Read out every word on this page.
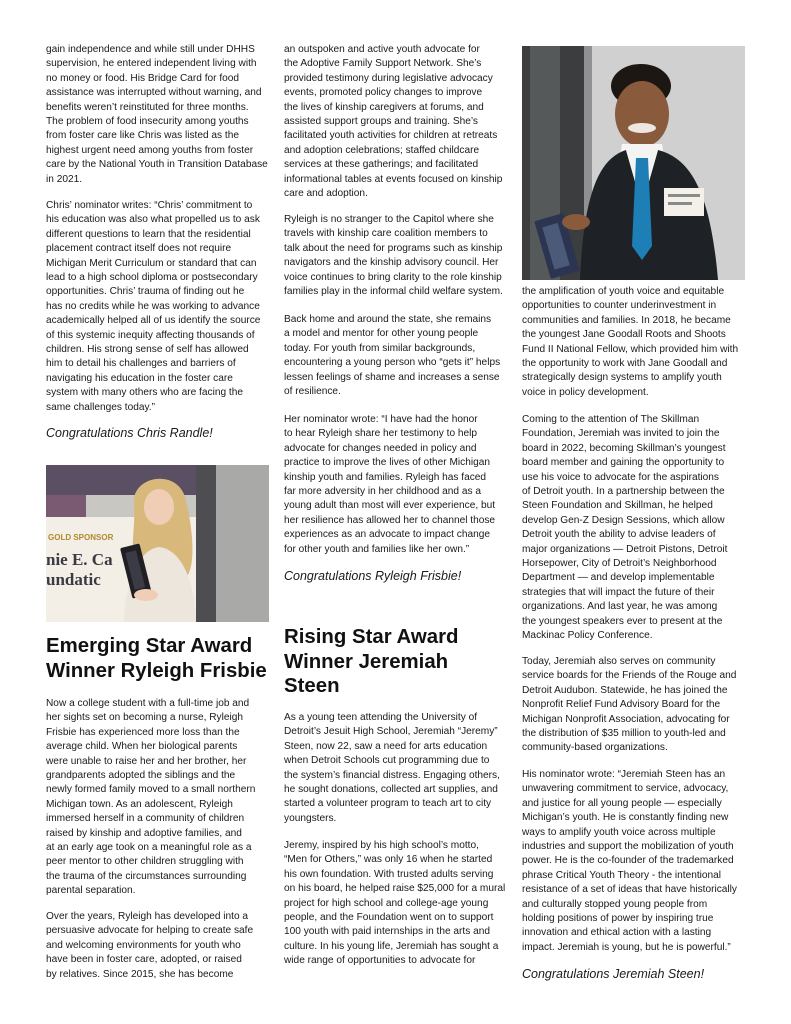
gain independence and while still under DHHS
supervision, he entered independent living with
no money or food. His Bridge Card for food
assistance was interrupted without warning, and
benefits weren’t reinstituted for three months.
The problem of food insecurity among youths
from foster care like Chris was listed as the
highest urgent need among youths from foster
care by the National Youth in Transition Database
in 2021.

Chris’ nominator writes: “Chris’ commitment to
his education was also what propelled us to ask
different questions to learn that the residential
placement contract itself does not require
Michigan Merit Curriculum or standard that can
lead to a high school diploma or postsecondary
opportunities. Chris’ trauma of finding out he
has no credits while he was working to advance
academically helped all of us identify the source
of this systemic inequity affecting thousands of
children. His strong sense of self has allowed
him to detail his challenges and barriers of
navigating his education in the foster care
system with many others who are facing the
same challenges today.”

Congratulations Chris Randle!

GOLD SPONSOR
nie E. Ca
undatic
Emerging Star Award
Winner Ryleigh Frisbie

Now a college student with a full-time job and
her sights set on becoming a nurse, Ryleigh
Frisbie has experienced more loss than the
average child. When her biological parents
were unable to raise her and her brother, her
grandparents adopted the siblings and the
newly formed family moved to a small northern
Michigan town. As an adolescent, Ryleigh
immersed herself in a community of children
raised by kinship and adoptive families, and
at an early age took on a meaningful role as a
peer mentor to other children struggling with
the trauma of the circumstances surrounding
parental separation.

Over the years, Ryleigh has developed into a
persuasive advocate for helping to create safe
and welcoming environments for youth who
have been in foster care, adopted, or raised
by relatives. Since 2015, she has become

an outspoken and active youth advocate for
the Adoptive Family Support Network. She’s
provided testimony during legislative advocacy
events, promoted policy changes to improve
the lives of kinship caregivers at forums, and
assisted support groups and training. She’s
facilitated youth activities for children at retreats
and adoption celebrations; staffed childcare
services at these gatherings; and facilitated
informational tables at events focused on kinship
care and adoption.

Ryleigh is no stranger to the Capitol where she
travels with kinship care coalition members to
talk about the need for programs such as kinship
navigators and the kinship advisory council. Her
voice continues to bring clarity to the role kinship
families play in the informal child welfare system.

Back home and around the state, she remains
a model and mentor for other young people
today. For youth from similar backgrounds,
encountering a young person who “gets it” helps
lessen feelings of shame and increases a sense
of resilience.

Her nominator wrote: “I have had the honor
to hear Ryleigh share her testimony to help
advocate for changes needed in policy and
practice to improve the lives of other Michigan
kinship youth and families. Ryleigh has faced
far more adversity in her childhood and as a
young adult than most will ever experience, but
her resilience has allowed her to channel those
experiences as an advocate to impact change
for other youth and families like her own.”

Congratulations Ryleigh Frisbie!

Rising Star Award
Winner Jeremiah
Steen

As a young teen attending the University of
Detroit’s Jesuit High School, Jeremiah “Jeremy”
Steen, now 22, saw a need for arts education
when Detroit Schools cut programming due to
the system’s financial distress. Engaging others,
he sought donations, collected art supplies, and
started a volunteer program to teach art to city
youngsters.

Jeremy, inspired by his high school’s motto,
“Men for Others,” was only 16 when he started
his own foundation. With trusted adults serving
on his board, he helped raise $25,000 for a mural
project for high school and college-age young
people, and the Foundation went on to support
100 youth with paid internships in the arts and
culture. In his young life, Jeremiah has sought a
wide range of opportunities to advocate for

the amplification of youth voice and equitable
opportunities to counter underinvestment in
communities and families. In 2018, he became
the youngest Jane Goodall Roots and Shoots
Fund II National Fellow, which provided him with
the opportunity to work with Jane Goodall and
strategically design systems to amplify youth
voice in policy development.

Coming to the attention of The Skillman
Foundation, Jeremiah was invited to join the
board in 2022, becoming Skillman’s youngest
board member and gaining the opportunity to
use his voice to advocate for the aspirations
of Detroit youth. In a partnership between the
Steen Foundation and Skillman, he helped
develop Gen-Z Design Sessions, which allow
Detroit youth the ability to advise leaders of
major organizations — Detroit Pistons, Detroit
Horsepower, City of Detroit’s Neighborhood
Department — and develop implementable
strategies that will impact the future of their
organizations. And last year, he was among
the youngest speakers ever to present at the
Mackinac Policy Conference.

Today, Jeremiah also serves on community
service boards for the Friends of the Rouge and
Detroit Audubon. Statewide, he has joined the
Nonprofit Relief Fund Advisory Board for the
Michigan Nonprofit Association, advocating for
the distribution of $35 million to youth-led and
community-based organizations.

His nominator wrote: “Jeremiah Steen has an
unwavering commitment to service, advocacy,
and justice for all young people — especially
Michigan’s youth. He is constantly finding new
ways to amplify youth voice across multiple
industries and support the mobilization of youth
power. He is the co-founder of the trademarked
phrase Critical Youth Theory - the intentional
resistance of a set of ideas that have historically
and culturally stopped young people from
holding positions of power by inspiring true
innovation and ethical action with a lasting
impact. Jeremiah is young, but he is powerful.”

Congratulations Jeremiah Steen!
